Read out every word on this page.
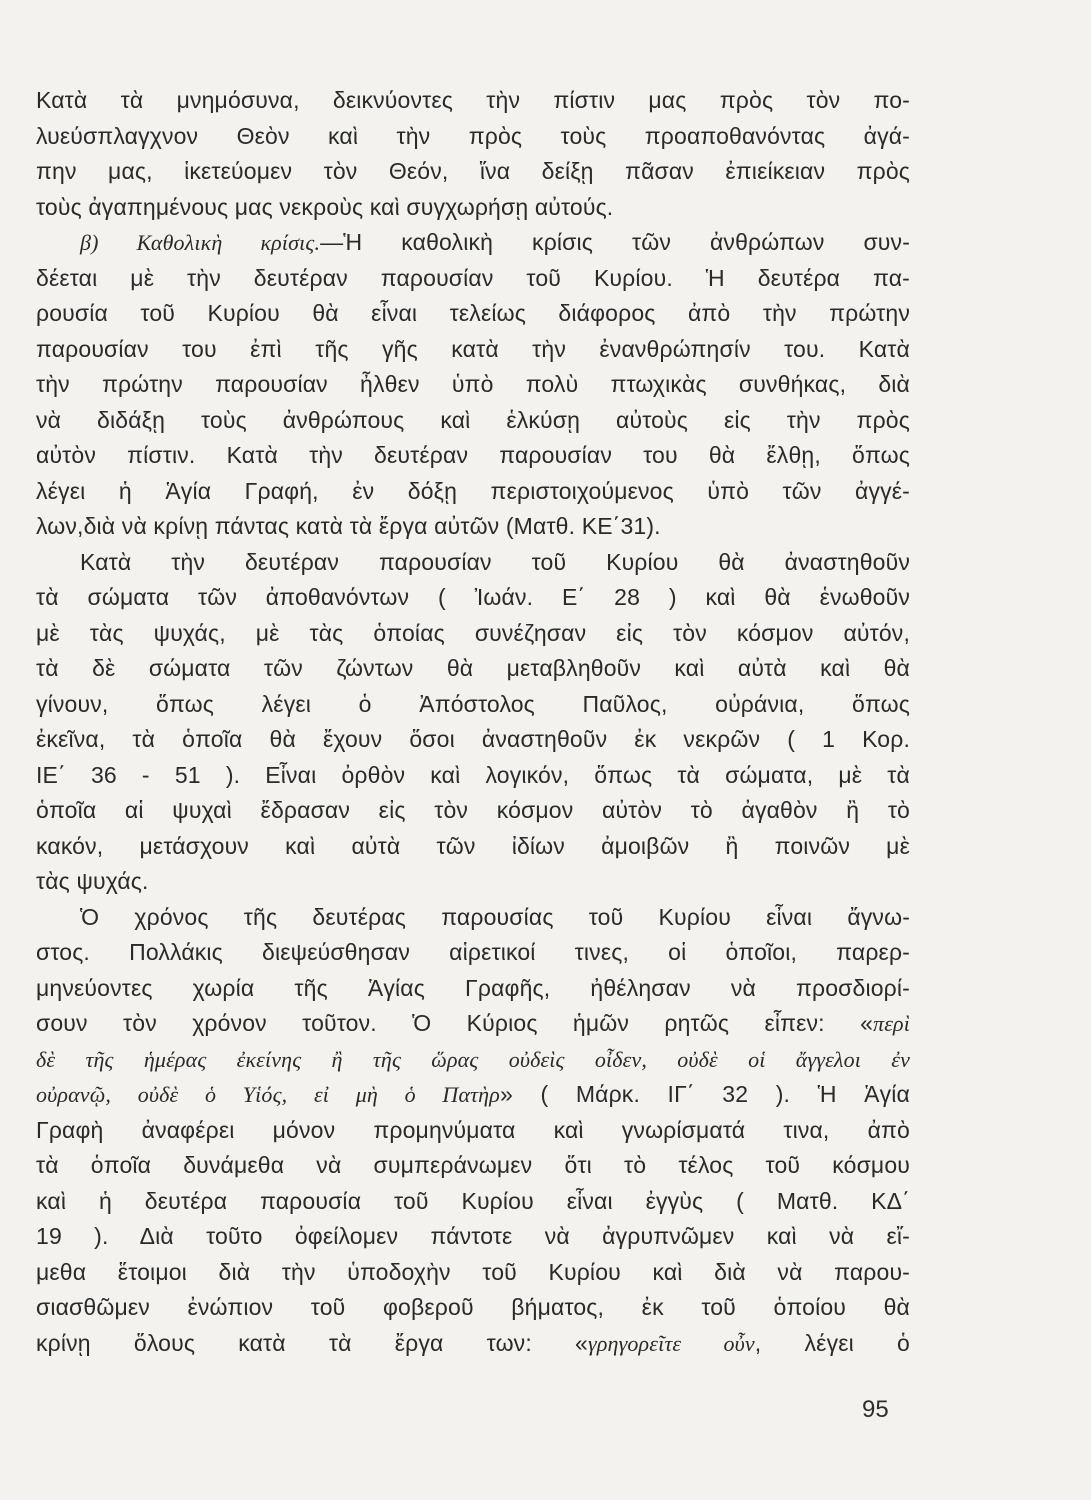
Κατὰ τὰ μνημόσυνα, δεικνύοντες τὴν πίστιν μας πρὸς τὸν πο-
λυεύσπλαγχνον Θεὸν καὶ τὴν πρὸς τοὺς προαποθανόντας ἀγά-
πην μας, ἱκετεύομεν τὸν Θεόν, ἵνα δείξῃ πᾶσαν ἐπιείκειαν πρὸς
τοὺς ἀγαπημένους μας νεκροὺς καὶ συγχωρήσῃ αὐτούς.
β) Καθολικὴ κρίσις.—Ἡ καθολικὴ κρίσις τῶν ἀνθρώπων συν-
δέεται μὲ τὴν δευτέραν παρουσίαν τοῦ Κυρίου. Ἡ δευτέρα πα-
ρουσία τοῦ Κυρίου θὰ εἶναι τελείως διάφορος ἀπὸ τὴν πρώτην
παρουσίαν του ἐπὶ τῆς γῆς κατὰ τὴν ἐνανθρώπησίν του. Κατὰ
τὴν πρώτην παρουσίαν ἦλθεν ὑπὸ πολὺ πτωχικὰς συνθήκας, διὰ
νὰ διδάξῃ τοὺς ἀνθρώπους καὶ ἑλκύσῃ αὐτοὺς εἰς τὴν πρὸς
αὐτὸν πίστιν. Κατὰ τὴν δευτέραν παρουσίαν του θὰ ἔλθῃ, ὅπως
λέγει ἡ Ἁγία Γραφή, ἐν δόξῃ περιστοιχούμενος ὑπὸ τῶν ἀγγέ-
λων,διὰ νὰ κρίνῃ πάντας κατὰ τὰ ἔργα αὐτῶν (Ματθ. ΚΕ΄31).
Κατὰ τὴν δευτέραν παρουσίαν τοῦ Κυρίου θὰ ἀναστηθοῦν
τὰ σώματα τῶν ἀποθανόντων ( Ἰωάν. Ε΄ 28 ) καὶ θὰ ἑνωθοῦν
μὲ τὰς ψυχάς, μὲ τὰς ὁποίας συνέζησαν εἰς τὸν κόσμον αὐτόν,
τὰ δὲ σώματα τῶν ζώντων θὰ μεταβληθοῦν καὶ αὐτὰ καὶ θὰ
γίνουν, ὅπως λέγει ὁ Ἀπόστολος Παῦλος, οὐράνια, ὅπως
ἐκεῖνα, τὰ ὁποῖα θὰ ἔχουν ὅσοι ἀναστηθοῦν ἐκ νεκρῶν ( 1 Κορ.
ΙΕ΄ 36 - 51 ). Εἶναι ὀρθὸν καὶ λογικόν, ὅπως τὰ σώματα, μὲ τὰ
ὁποῖα αἱ ψυχαὶ ἔδρασαν εἰς τὸν κόσμον αὐτὸν τὸ ἀγαθὸν ἢ τὸ
κακόν, μετάσχουν καὶ αὐτὰ τῶν ἰδίων ἀμοιβῶν ἢ ποινῶν μὲ
τὰς ψυχάς.
Ὁ χρόνος τῆς δευτέρας παρουσίας τοῦ Κυρίου εἶναι ἄγνω-
στος. Πολλάκις διεψεύσθησαν αἱρετικοί τινες, οἱ ὁποῖοι, παρερ-
μηνεύοντες χωρία τῆς Ἁγίας Γραφῆς, ἠθέλησαν νὰ προσδιορί-
σουν τὸν χρόνον τοῦτον. Ὁ Κύριος ἡμῶν ρητῶς εἶπεν: «περὶ
δὲ τῆς ἡμέρας ἐκείνης ἢ τῆς ὥρας οὐδεὶς οἶδεν, οὐδὲ οἱ ἄγγελοι ἐν
οὐρανῷ, οὐδὲ ὁ Υἱός, εἰ μὴ ὁ Πατὴρ» ( Μάρκ. ΙΓ΄ 32 ). Ἡ Ἁγία
Γραφὴ ἀναφέρει μόνον προμηνύματα καὶ γνωρίσματά τινα, ἀπὸ
τὰ ὁποῖα δυνάμεθα νὰ συμπεράνωμεν ὅτι τὸ τέλος τοῦ κόσμου
καὶ ἡ δευτέρα παρουσία τοῦ Κυρίου εἶναι ἐγγὺς ( Ματθ. ΚΔ΄
19 ). Διὰ τοῦτο ὀφείλομεν πάντοτε νὰ ἀγρυπνῶμεν καὶ νὰ εἴ-
μεθα ἕτοιμοι διὰ τὴν ὑποδοχὴν τοῦ Κυρίου καὶ διὰ νὰ παρου-
σιασθῶμεν ἐνώπιον τοῦ φοβεροῦ βήματος, ἐκ τοῦ ὁποίου θὰ
κρίνῃ ὅλους κατὰ τὰ ἔργα των: «γρηγορεῖτε οὖν, λέγει ὁ
95
